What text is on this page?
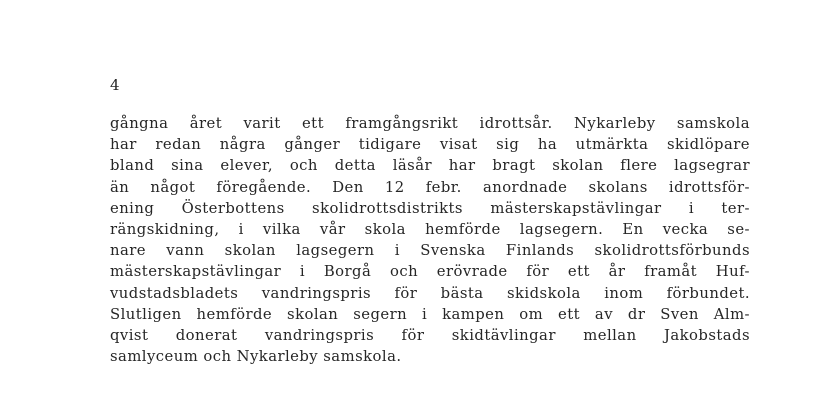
4

gångna året varit ett framgångsrikt idrottsår. Nykarleby samskola
har redan några gånger tidigare visat sig ha utmärkta skidlöpare
bland sina elever, och detta läsår har bragt skolan flere lagsegrar
än något föregående. Den 12 febr. anordnade skolans idrottsför-
ening Österbottens skolidrottsdistrikts mästerskapstävlingar i ter-
rängskidning, i vilka vår skola hemförde lagsegern. En vecka se-
nare vann skolan lagsegern i Svenska Finlands skolidrottsförbunds
mästerskapstävlingar i Borgå och erövrade för ett år framåt Huf-
vudstadsbladets vandringspris för bästa skidskola inom förbundet.
Slutligen hemförde skolan segern i kampen om ett av dr Sven Alm-
qvist donerat vandringspris för skidtävlingar mellan Jakobstads
samlyceum och Nykarleby samskola.
